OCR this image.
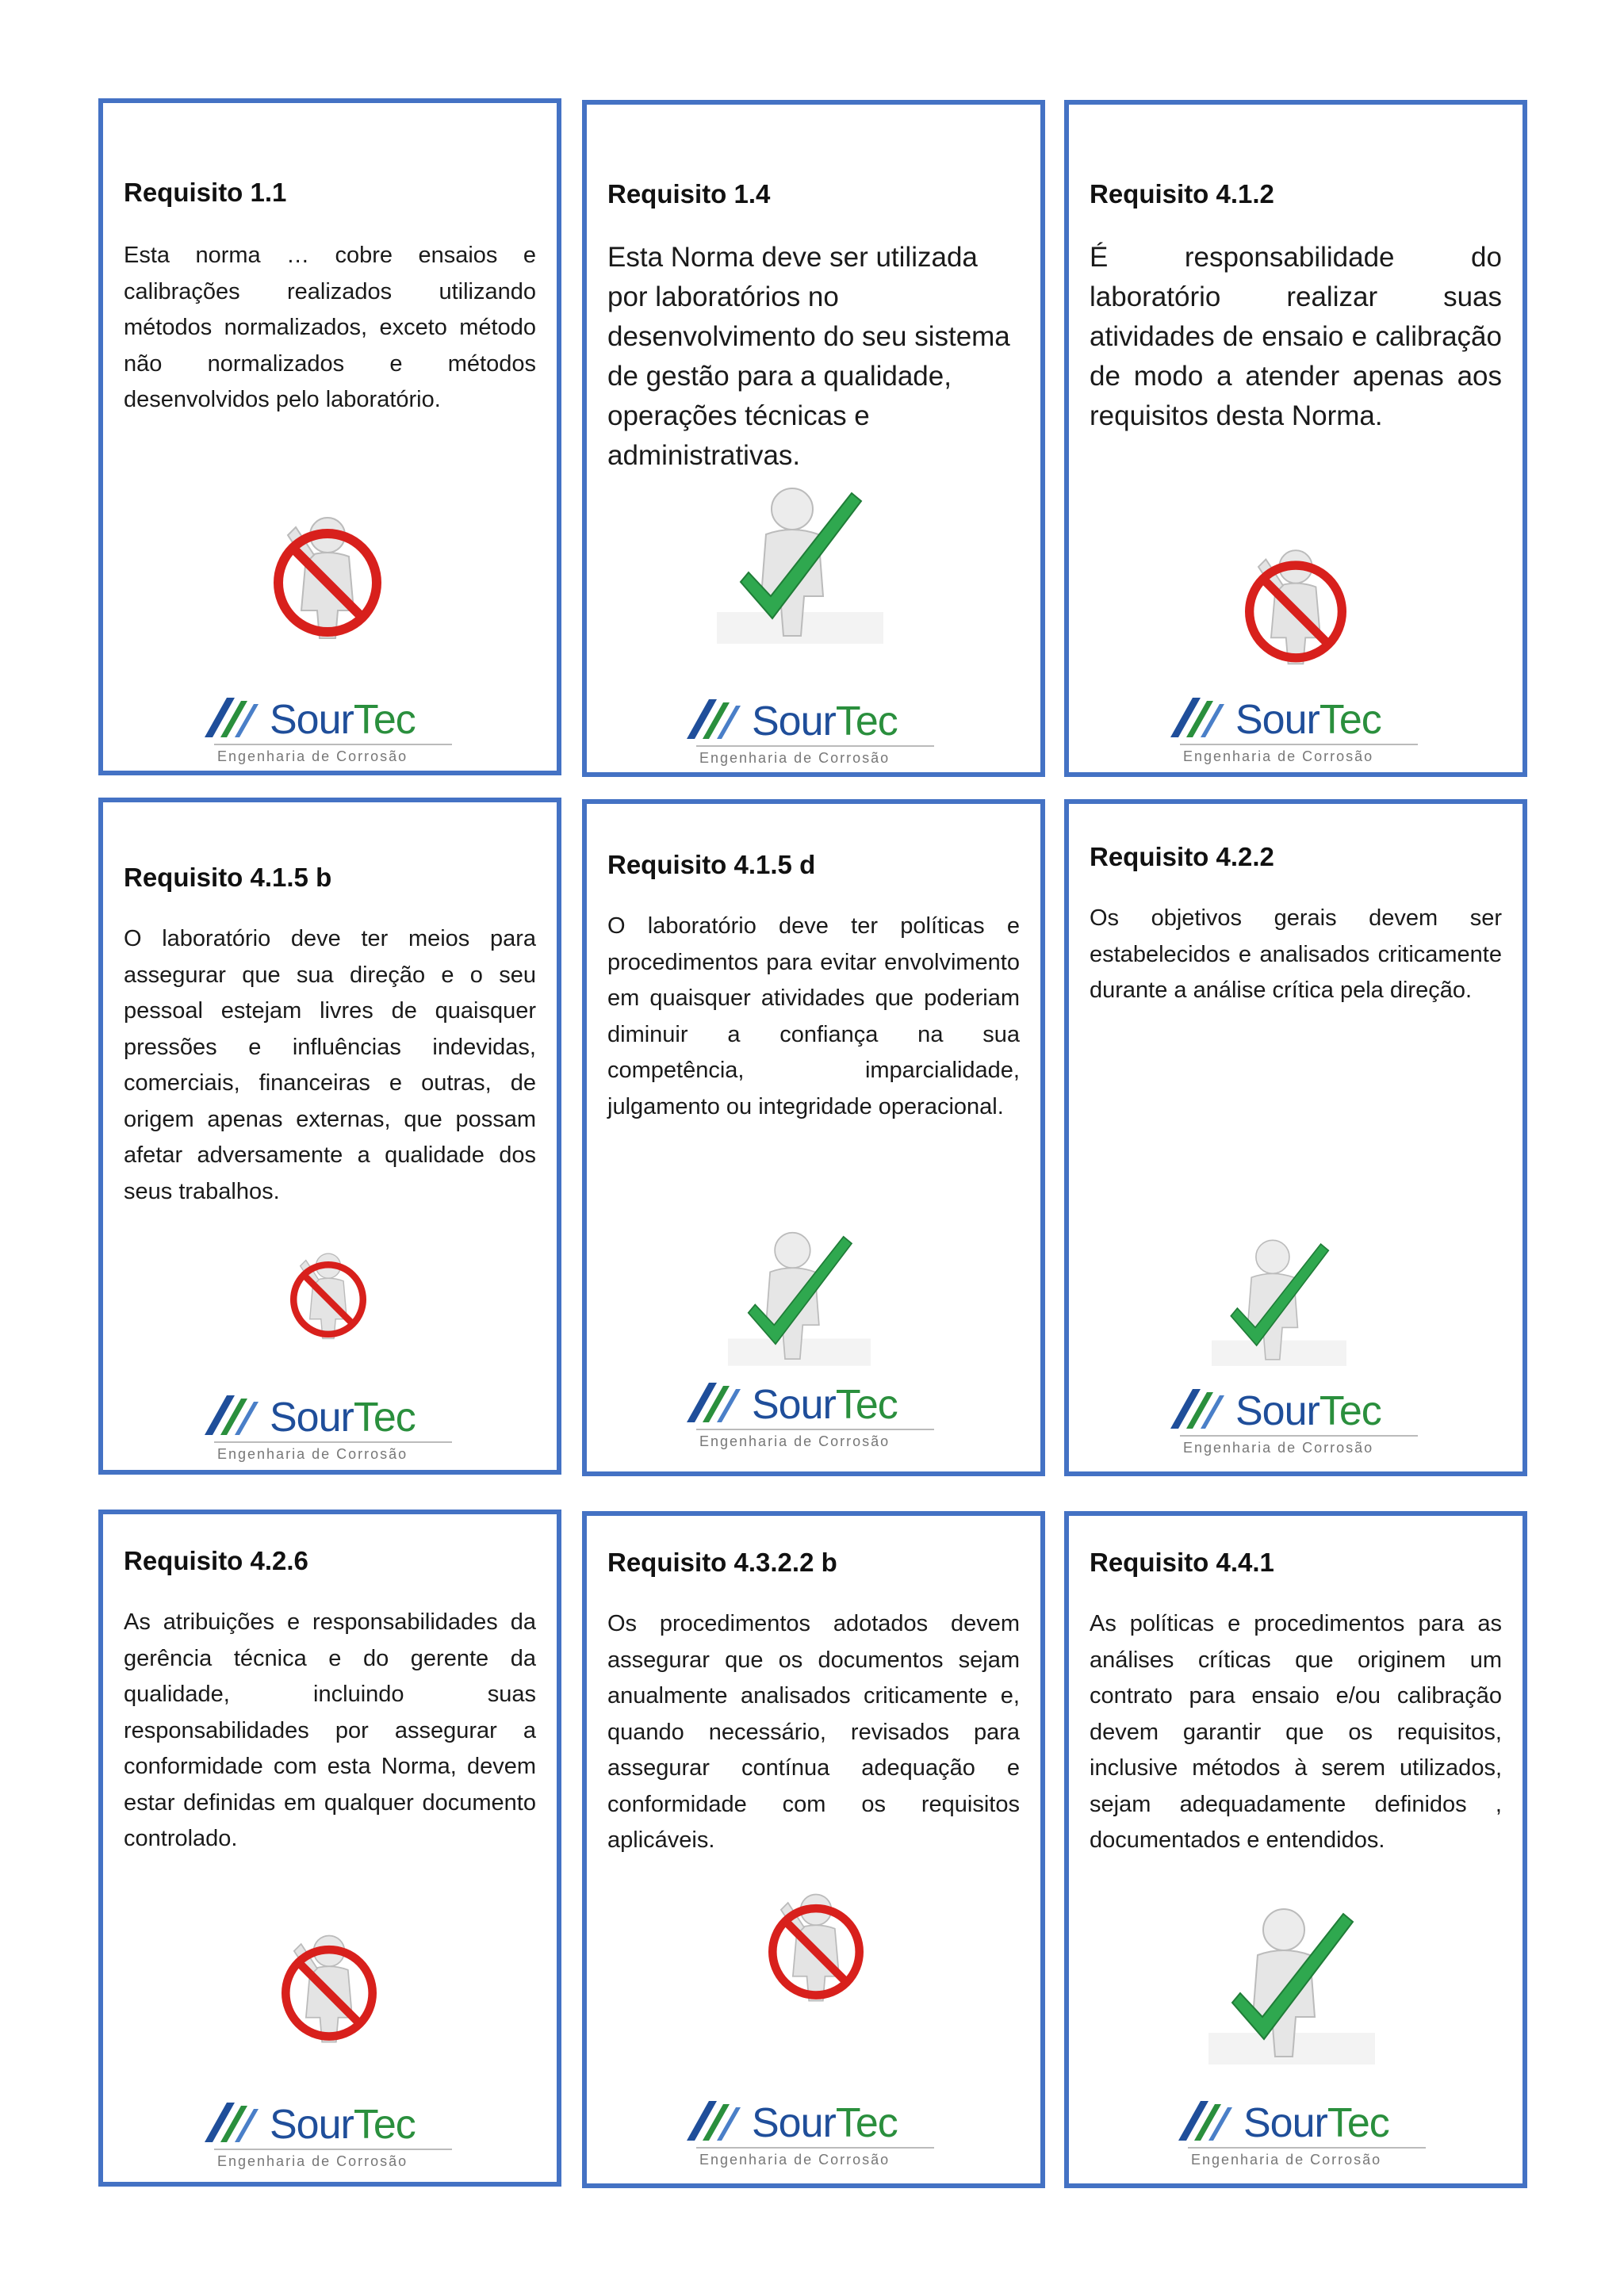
Requisito 1.1
Esta norma … cobre ensaios e calibrações realizados utilizando métodos normalizados, exceto método não normalizados e métodos desenvolvidos pelo laboratório.
SourTec
Engenharia de Corrosão
Requisito 1.4
Esta Norma deve ser utilizada por laboratórios no desenvolvimento do seu sistema de gestão para a qualidade, operações técnicas e administrativas.
SourTec
Engenharia de Corrosão
Requisito 4.1.2
É responsabilidade do laboratório realizar suas atividades de ensaio e calibração de modo a atender apenas aos requisitos desta Norma.
SourTec
Engenharia de Corrosão
Requisito 4.1.5 b
O laboratório deve ter meios para assegurar que sua direção e o seu pessoal estejam livres de quaisquer pressões e influências indevidas, comerciais, financeiras e outras, de origem apenas externas, que possam afetar adversamente a qualidade dos seus trabalhos.
SourTec
Engenharia de Corrosão
Requisito 4.1.5 d
O laboratório deve ter políticas e procedimentos para evitar envolvimento em quaisquer atividades que poderiam diminuir a confiança na sua competência, imparcialidade, julgamento ou integridade operacional.
SourTec
Engenharia de Corrosão
Requisito 4.2.2
Os objetivos gerais devem ser estabelecidos e analisados criticamente durante a análise crítica pela direção.
SourTec
Engenharia de Corrosão
Requisito 4.2.6
As atribuições e responsabilidades da gerência técnica e do gerente da qualidade, incluindo suas responsabilidades por assegurar a conformidade com esta Norma, devem estar definidas em qualquer documento controlado.
SourTec
Engenharia de Corrosão
Requisito 4.3.2.2 b
Os procedimentos adotados devem assegurar que os documentos sejam anualmente analisados criticamente e, quando necessário, revisados para assegurar contínua adequação e conformidade com os requisitos aplicáveis.
SourTec
Engenharia de Corrosão
Requisito 4.4.1
As políticas e procedimentos para as análises críticas que originem um contrato para ensaio e/ou calibração devem garantir que os requisitos, inclusive métodos à serem utilizados, sejam adequadamente definidos , documentados e entendidos.
SourTec
Engenharia de Corrosão
